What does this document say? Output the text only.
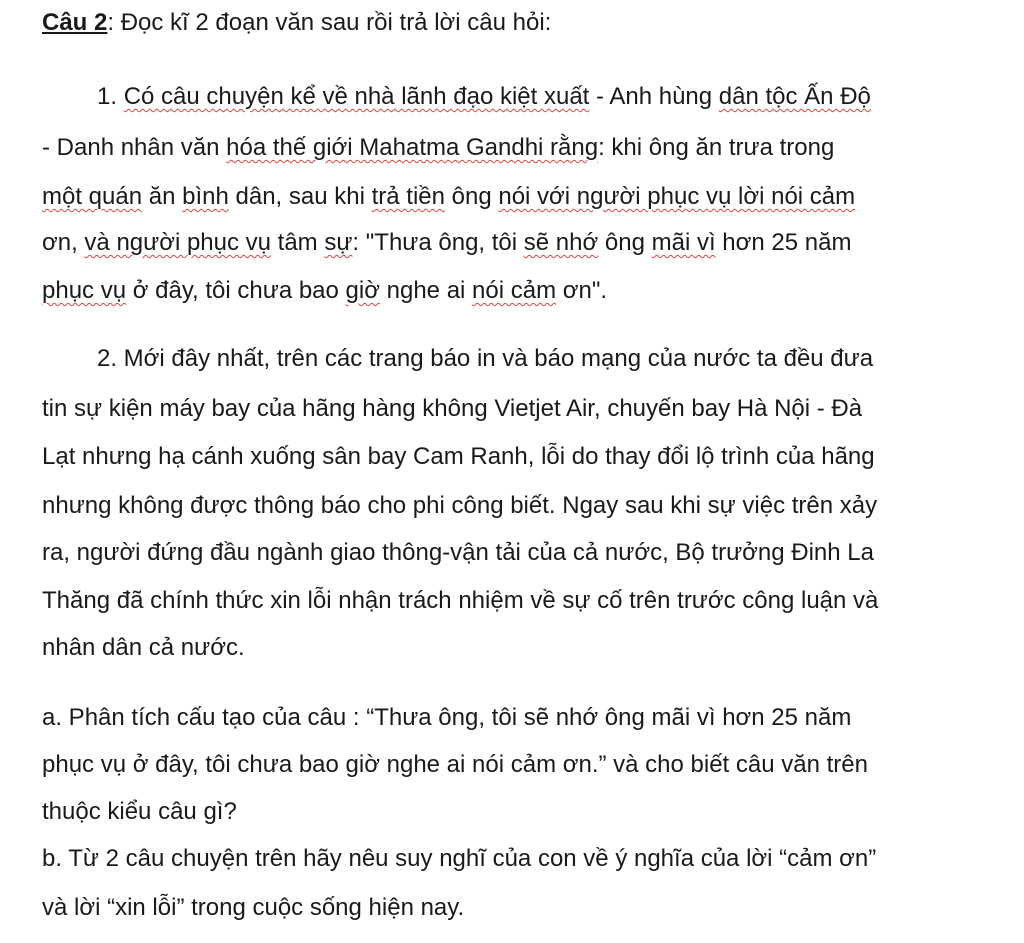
Câu 2: Đọc kĩ 2 đoạn văn sau rồi trả lời câu hỏi:

1. Có câu chuyện kể về nhà lãnh đạo kiệt xuất - Anh hùng dân tộc Ấn Độ

- Danh nhân văn hóa thế giới Mahatma Gandhi rằng: khi ông ăn trưa trong

một quán ăn bình dân, sau khi trả tiền ông nói với người phục vụ lời nói cảm

ơn, và người phục vụ tâm sự: "Thưa ông, tôi sẽ nhớ ông mãi vì hơn 25 năm

phục vụ ở đây, tôi chưa bao giờ nghe ai nói cảm ơn".

2. Mới đây nhất, trên các trang báo in và báo mạng của nước ta đều đưa

tin sự kiện máy bay của hãng hàng không Vietjet Air, chuyến bay Hà Nội - Đà

Lạt nhưng hạ cánh xuống sân bay Cam Ranh, lỗi do thay đổi lộ trình của hãng

nhưng không được thông báo cho phi công biết. Ngay sau khi sự việc trên xảy

ra, người đứng đầu ngành giao thông-vận tải của cả nước, Bộ trưởng Đinh La

Thăng đã chính thức xin lỗi nhận trách nhiệm về sự cố trên trước công luận và

nhân dân cả nước.

a. Phân tích cấu tạo của câu : “Thưa ông, tôi sẽ nhớ ông mãi vì hơn 25 năm

phục vụ ở đây, tôi chưa bao giờ nghe ai nói cảm ơn.” và cho biết câu văn trên

thuộc kiểu câu gì?

b. Từ 2 câu chuyện trên hãy nêu suy nghĩ của con về ý nghĩa của lời “cảm ơn”

và lời “xin lỗi” trong cuộc sống hiện nay.
